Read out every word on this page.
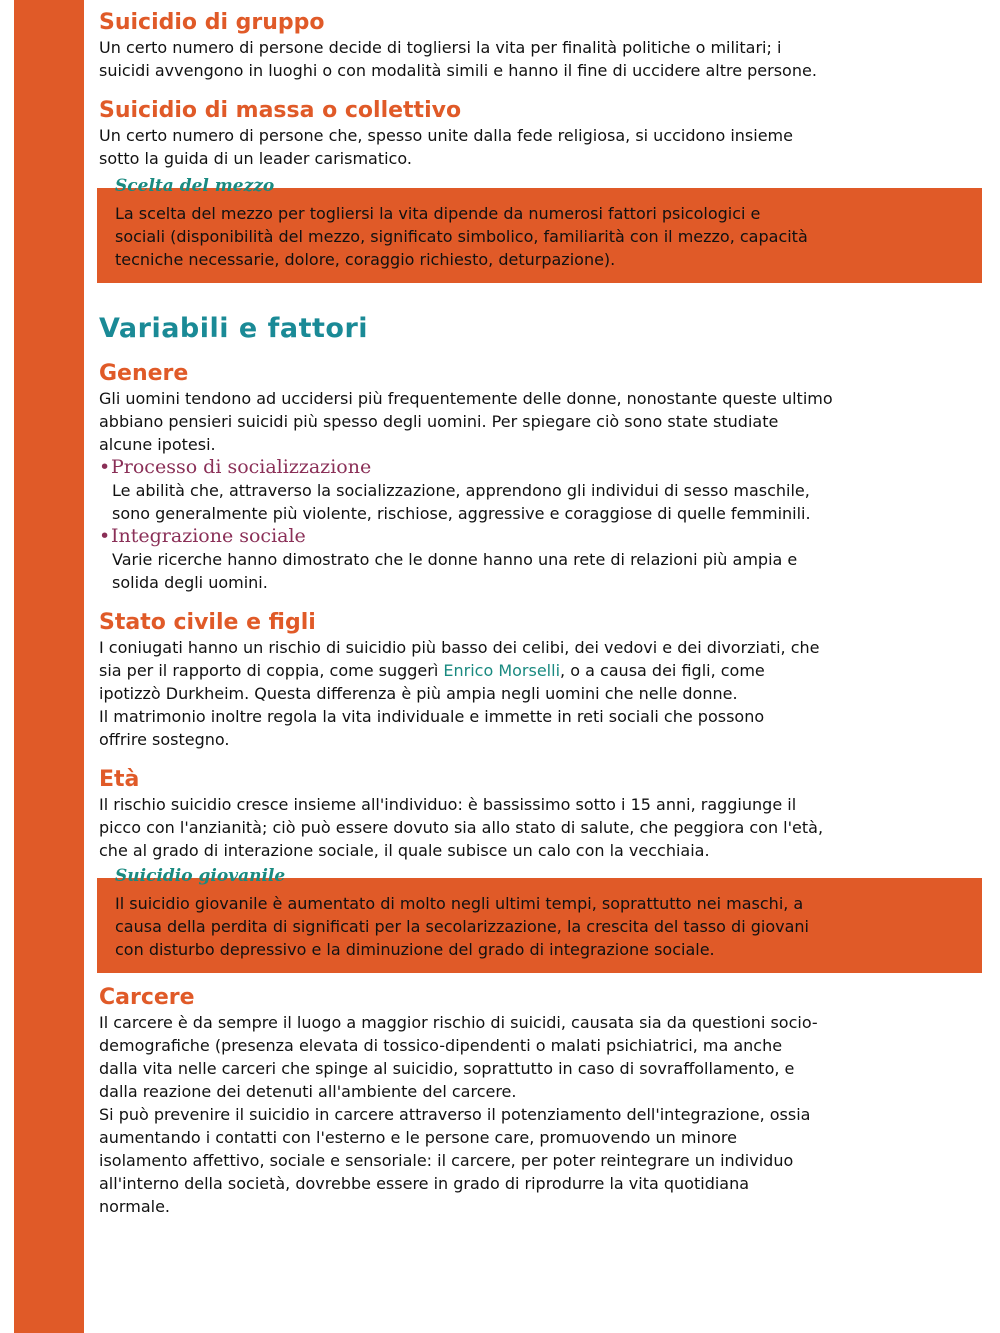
Suicidio di gruppo

Un certo numero di persone decide di togliersi la vita per finalità politiche o militari; i

suicidi avvengono in luoghi o con modalità simili e hanno il fine di uccidere altre persone.

Suicidio di massa o collettivo

Un certo numero di persone che, spesso unite dalla fede religiosa, si uccidono insieme

sotto la guida di un leader carismatico.

Scelta del mezzo
La scelta del mezzo per togliersi la vita dipende da numerosi fattori psicologici e
sociali (disponibilità del mezzo, significato simbolico, familiarità con il mezzo, capacità
tecniche necessarie, dolore, coraggio richiesto, deturpazione).
Variabili e fattori
Genere

Gli uomini tendono ad uccidersi più frequentemente delle donne, nonostante queste ultimo

abbiano pensieri suicidi più spesso degli uomini. Per spiegare ciò sono state studiate

alcune ipotesi.

•Processo di socializzazione

Le abilità che, attraverso la socializzazione, apprendono gli individui di sesso maschile,

sono generalmente più violente, rischiose, aggressive e coraggiose di quelle femminili.

•Integrazione sociale

Varie ricerche hanno dimostrato che le donne hanno una rete di relazioni più ampia e

solida degli uomini.

Stato civile e figli

I coniugati hanno un rischio di suicidio più basso dei celibi, dei vedovi e dei divorziati, che

sia per il rapporto di coppia, come suggerì Enrico Morselli, o a causa dei figli, come

ipotizzò Durkheim. Questa differenza è più ampia negli uomini che nelle donne.

Il matrimonio inoltre regola la vita individuale e immette in reti sociali che possono

offrire sostegno.

Età

Il rischio suicidio cresce insieme all'individuo: è bassissimo sotto i 15 anni, raggiunge il

picco con l'anzianità; ciò può essere dovuto sia allo stato di salute, che peggiora con l'età,

che al grado di interazione sociale, il quale subisce un calo con la vecchiaia.

Suicidio giovanile
Il suicidio giovanile è aumentato di molto negli ultimi tempi, soprattutto nei maschi, a
causa della perdita di significati per la secolarizzazione, la crescita del tasso di giovani
con disturbo depressivo e la diminuzione del grado di integrazione sociale.
Carcere

Il carcere è da sempre il luogo a maggior rischio di suicidi, causata sia da questioni socio-

demografiche (presenza elevata di tossico-dipendenti o malati psichiatrici, ma anche

dalla vita nelle carceri che spinge al suicidio, soprattutto in caso di sovraffollamento, e

dalla reazione dei detenuti all'ambiente del carcere.

Si può prevenire il suicidio in carcere attraverso il potenziamento dell'integrazione, ossia

aumentando i contatti con l'esterno e le persone care, promuovendo un minore

isolamento affettivo, sociale e sensoriale: il carcere, per poter reintegrare un individuo

all'interno della società, dovrebbe essere in grado di riprodurre la vita quotidiana

normale.
